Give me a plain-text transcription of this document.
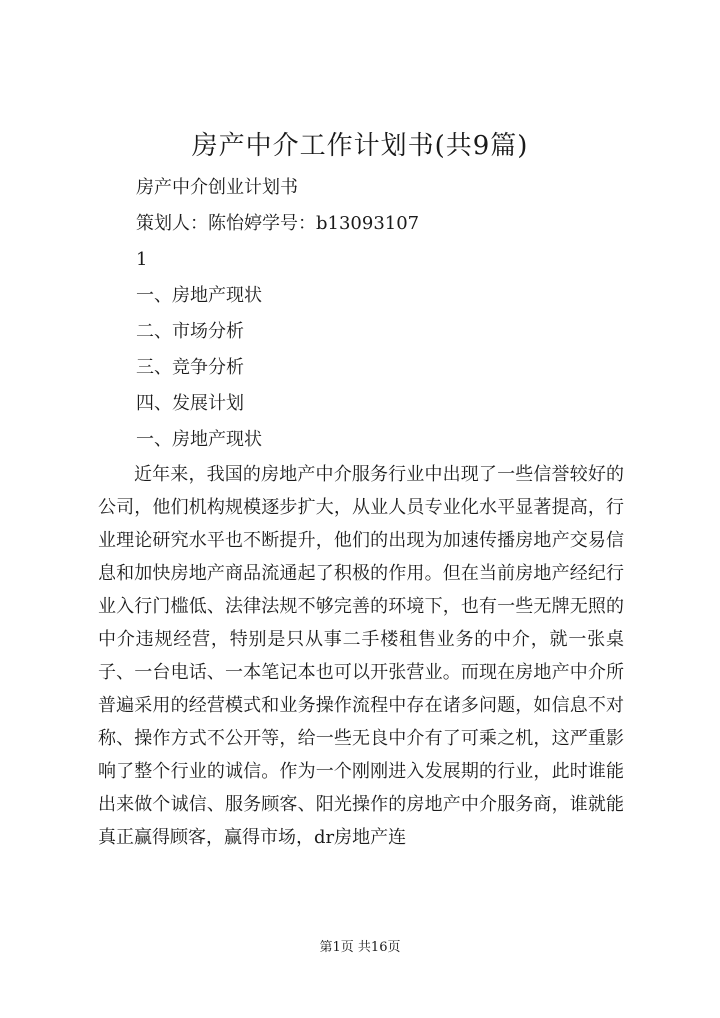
房产中介工作计划书(共9篇)
房产中介创业计划书
策划人：陈怡婷学号：b13093107
1
一、房地产现状
二、市场分析
三、竞争分析
四、发展计划
一、房地产现状
近年来，我国的房地产中介服务行业中出现了一些信誉较好的公司，他们机构规模逐步扩大，从业人员专业化水平显著提高，行业理论研究水平也不断提升，他们的出现为加速传播房地产交易信息和加快房地产商品流通起了积极的作用。但在当前房地产经纪行业入行门槛低、法律法规不够完善的环境下，也有一些无牌无照的中介违规经营，特别是只从事二手楼租售业务的中介，就一张桌子、一台电话、一本笔记本也可以开张营业。而现在房地产中介所普遍采用的经营模式和业务操作流程中存在诸多问题，如信息不对称、操作方式不公开等，给一些无良中介有了可乘之机，这严重影响了整个行业的诚信。作为一个刚刚进入发展期的行业，此时谁能出来做个诚信、服务顾客、阳光操作的房地产中介服务商，谁就能真正赢得顾客，赢得市场，dr房地产连
第1页 共16页
